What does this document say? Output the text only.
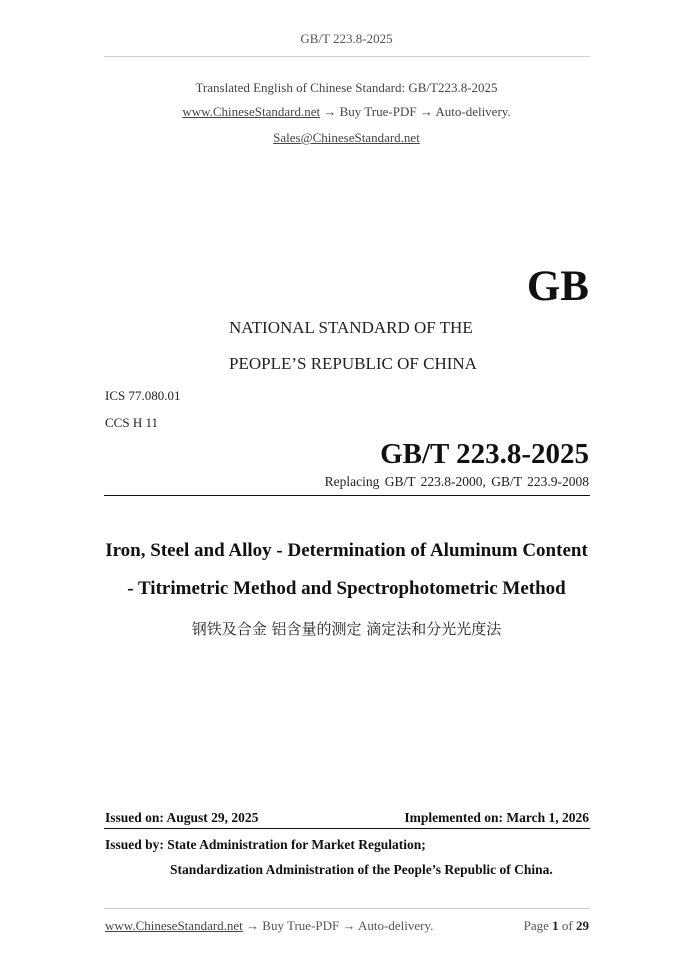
GB/T 223.8-2025
Translated English of Chinese Standard: GB/T223.8-2025
www.ChineseStandard.net → Buy True-PDF → Auto-delivery.
Sales@ChineseStandard.net
GB
NATIONAL STANDARD OF THE
PEOPLE’S REPUBLIC OF CHINA
ICS 77.080.01
CCS H 11
GB/T 223.8-2025
Replacing GB/T 223.8-2000, GB/T 223.9-2008
Iron, Steel and Alloy - Determination of Aluminum Content
- Titrimetric Method and Spectrophotometric Method
钢铁及合金 铝含量的测定 滴定法和分光光度法
Issued on: August 29, 2025	Implemented on: March 1, 2026
Issued by: State Administration for Market Regulation;
Standardization Administration of the People’s Republic of China.
www.ChineseStandard.net → Buy True-PDF → Auto-delivery.	Page 1 of 29
